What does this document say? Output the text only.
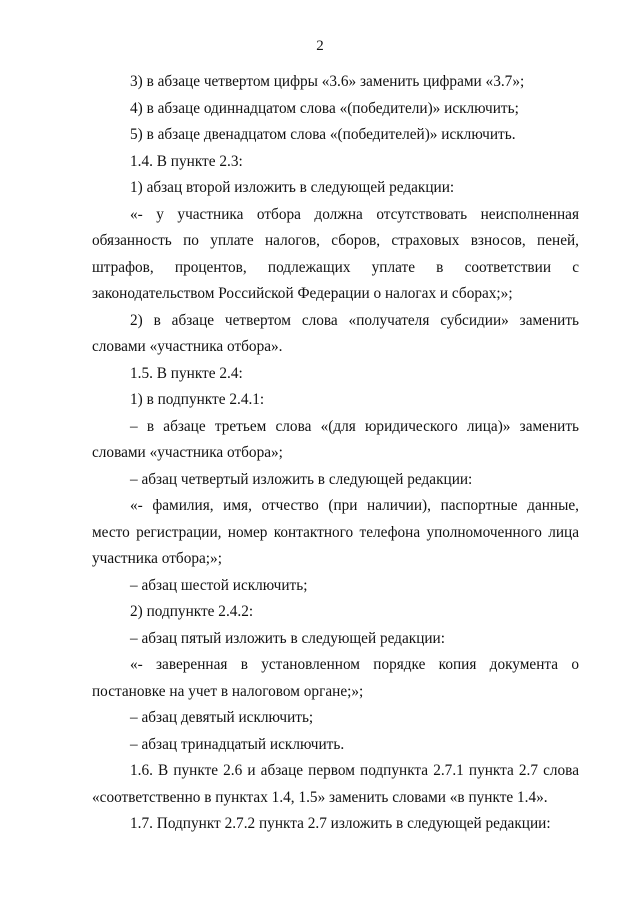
2

3) в абзаце четвертом цифры «3.6» заменить цифрами «3.7»;

4) в абзаце одиннадцатом слова «(победители)» исключить;

5) в абзаце двенадцатом слова «(победителей)» исключить.

1.4. В пункте 2.3:

1) абзац второй изложить в следующей редакции:

«- у участника отбора должна отсутствовать неисполненная обязанность по уплате налогов, сборов, страховых взносов, пеней, штрафов, процентов, подлежащих уплате в соответствии с законодательством Российской Федерации о налогах и сборах;»;

2) в абзаце четвертом слова «получателя субсидии» заменить словами «участника отбора».

1.5. В пункте 2.4:

1) в подпункте 2.4.1:

– в абзаце третьем слова «(для юридического лица)» заменить словами «участника отбора»;

– абзац четвертый изложить в следующей редакции:

«- фамилия, имя, отчество (при наличии), паспортные данные, место регистрации, номер контактного телефона уполномоченного лица участника отбора;»;

– абзац шестой исключить;

2) подпункте 2.4.2:

– абзац пятый изложить в следующей редакции:

«- заверенная в установленном порядке копия документа о постановке на учет в налоговом органе;»;

– абзац девятый исключить;

– абзац тринадцатый исключить.

1.6. В пункте 2.6 и абзаце первом подпункта 2.7.1 пункта 2.7 слова «соответственно в пунктах 1.4, 1.5» заменить словами «в пункте 1.4».

1.7. Подпункт 2.7.2 пункта 2.7 изложить в следующей редакции:
